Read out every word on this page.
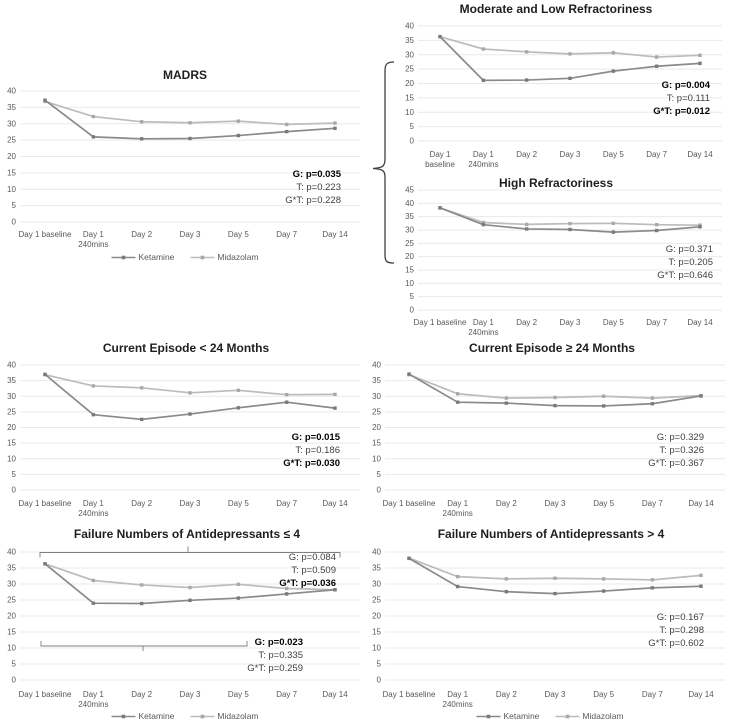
0
5
10
15
20
25
30
35
40
Day 1 baseline Day 1
240mins
Day 2	Day 3	Day 5	Day 7	Day 14
0
5
10
15
20
25
30
35
40
Day 1
baseline
Day 1
240mins
Day 2	Day 3	Day 5	Day 7	Day 14
0
5
10
15
20
25
30
35
40
45
Day 1 baseline Day 1
240mins
Day 2	Day 3	Day 5	Day 7	Day 14
0
5
10
15
20
25
30
35
40
Day 1 baseline Day 1
240mins
Day 2	Day 3	Day 5	Day 7	Day 14
0
5
10
15
20
25
30
35
40
Day 1 baseline Day 1
240mins
Day 2	Day 3	Day 5	Day 7	Day 14
0
5
10
15
20
25
30
35
40
Day 1 baseline Day 1
240mins
Day 2	Day 3	Day 5	Day 7	Day 14
0
5
10
15
20
25
30
35
40
Day 1 baseline Day 1
240mins
Day 2	Day 3	Day 5	Day 7	Day 14
MADRS
Moderate and Low Refractoriness
High Refractoriness
Current Episode < 24 Months	Current Episode ≥ 24 Months
Failure Numbers of Antidepressants ≤ 4	Failure Numbers of Antidepressants > 4
G: p=0.035
T: p=0.223
G*T: p=0.228
G: p=0.004
T: p=0.111
G*T: p=0.012
G: p=0.371
T: p=0.205
G*T: p=0.646
G: p=0.015
T: p=0.186
G*T: p=0.030
G: p=0.329
T: p=0.326
G*T: p=0.367
G: p=0.084
T: p=0.509
G*T: p=0.036
G: p=0.023
T: p=0.335
G*T: p=0.259
G: p=0.167
T: p=0.298
G*T: p=0.602
Ketamine	Midazolam
Ketamine	Midazolam	Ketamine	Midazolam
